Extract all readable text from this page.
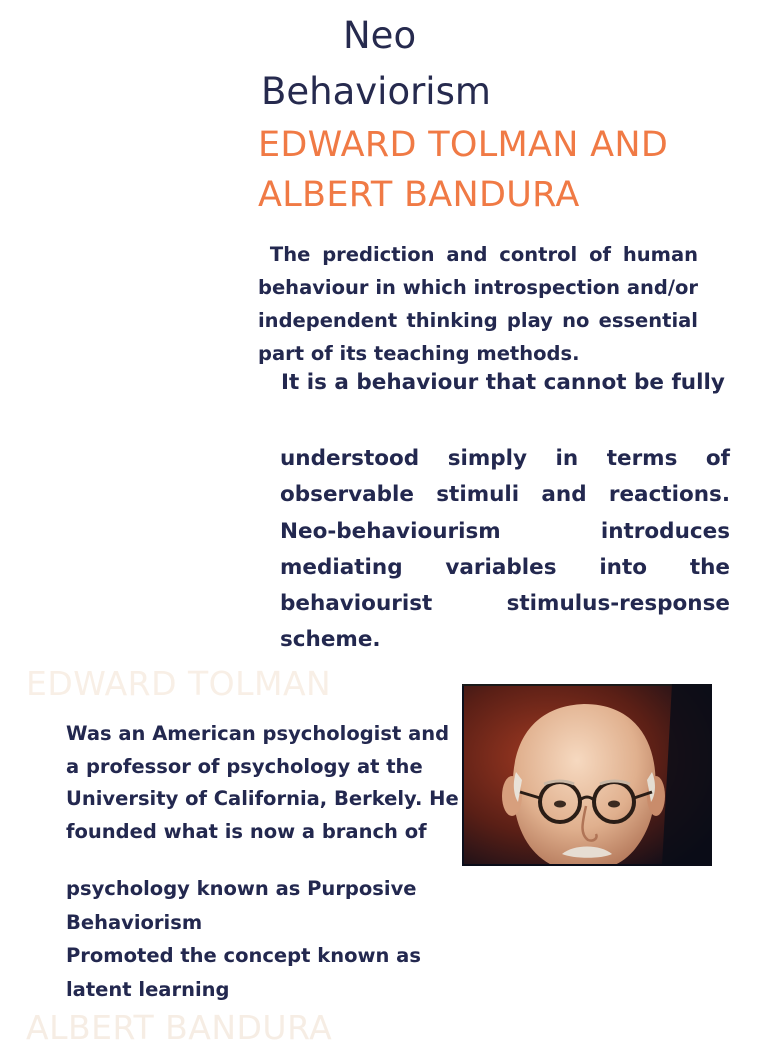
Neo
Behaviorism
EDWARD TOLMAN AND ALBERT BANDURA
The prediction and control of human behaviour in which introspection and/or independent thinking play no essential part of its teaching methods.
It is a behaviour that cannot be fully
understood simply in terms of observable stimuli and reactions. Neo-behaviourism introduces mediating variables into the behaviourist stimulus-response scheme.
EDWARD TOLMAN
Was an American psychologist and a professor of psychology at the University of California, Berkely. He founded what is now a branch of
psychology known as Purposive Behaviorism
Promoted the concept known as latent learning
ALBERT BANDURA
